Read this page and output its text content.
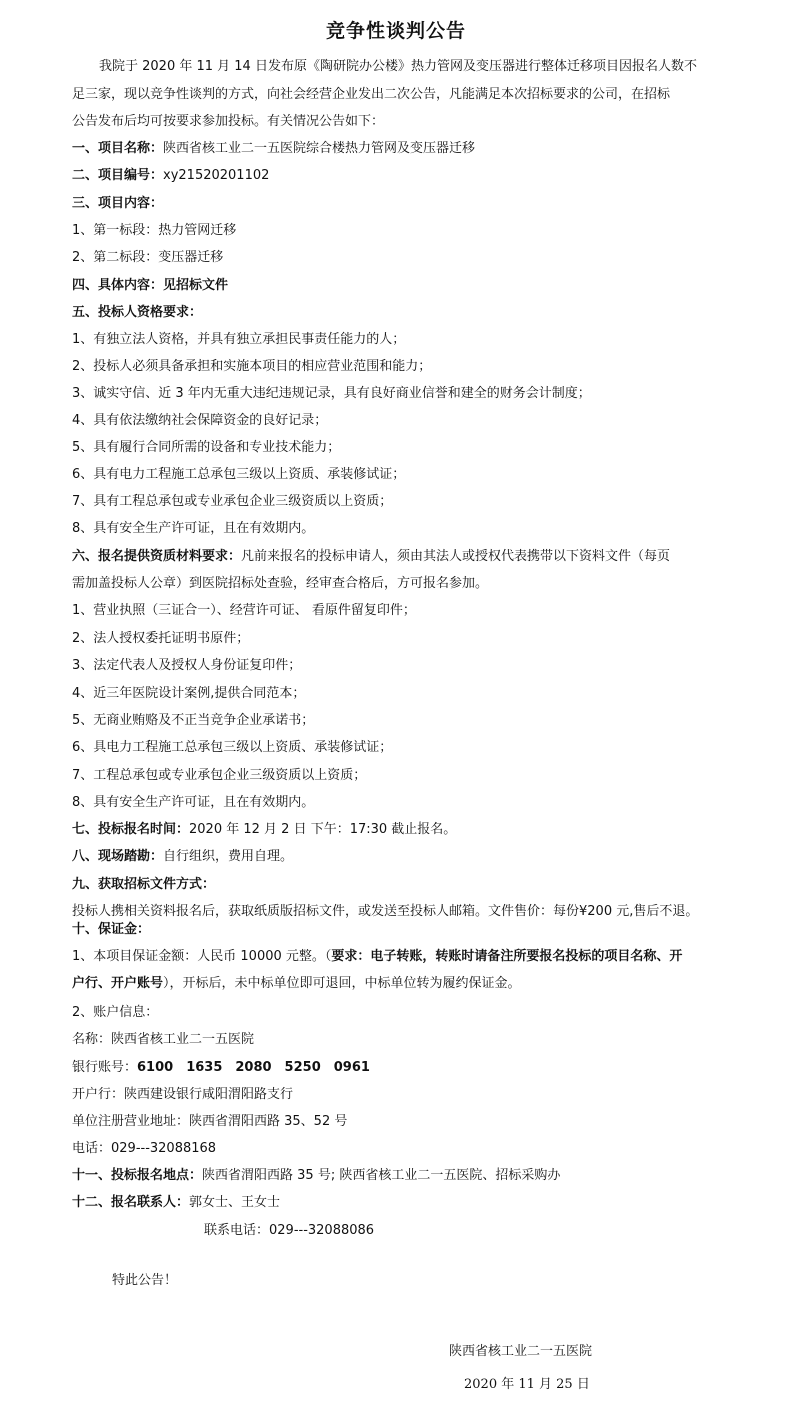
竞争性谈判公告
我院于 2020 年 11 月 14 日发布原《陶研院办公楼》热力管网及变压器进行整体迁移项目因报名人数不
足三家，现以竞争性谈判的方式，向社会经营企业发出二次公告，凡能满足本次招标要求的公司，在招标
公告发布后均可按要求参加投标。有关情况公告如下：
一、项目名称：陕西省核工业二一五医院综合楼热力管网及变压器迁移
二、项目编号：xy21520201102
三、项目内容：
1、第一标段：热力管网迁移
2、第二标段：变压器迁移
四、具体内容：见招标文件
五、投标人资格要求：
1、有独立法人资格，并具有独立承担民事责任能力的人；
2、投标人必须具备承担和实施本项目的相应营业范围和能力；
3、诚实守信、近 3 年内无重大违纪违规记录，具有良好商业信誉和建全的财务会计制度；
4、具有依法缴纳社会保障资金的良好记录；
5、具有履行合同所需的设备和专业技术能力；
6、具有电力工程施工总承包三级以上资质、承装修试证；
7、具有工程总承包或专业承包企业三级资质以上资质；
8、具有安全生产许可证，且在有效期内。
六、报名提供资质材料要求：凡前来报名的投标申请人，须由其法人或授权代表携带以下资料文件（每页
需加盖投标人公章）到医院招标处查验，经审查合格后，方可报名参加。
1、营业执照（三证合一）、经营许可证、 看原件留复印件；
2、法人授权委托证明书原件；
3、法定代表人及授权人身份证复印件；
4、近三年医院设计案例,提供合同范本；
5、无商业贿赂及不正当竞争企业承诺书；
6、具电力工程施工总承包三级以上资质、承装修试证；
7、工程总承包或专业承包企业三级资质以上资质；
8、具有安全生产许可证，且在有效期内。
七、投标报名时间：2020 年 12 月 2 日 下午：17:30 截止报名。
八、现场踏勘：自行组织，费用自理。
九、获取招标文件方式：
投标人携相关资料报名后，获取纸质版招标文件，或发送至投标人邮箱。文件售价：每份¥200 元,售后不退。
十、保证金：
1、本项目保证金额：人民币 10000 元整。（要求：电子转账，转账时请备注所要报名投标的项目名称、开
户行、开户账号），开标后，未中标单位即可退回，中标单位转为履约保证金。
2、账户信息：
名称：陕西省核工业二一五医院
银行账号：6100　1635　2080　5250　0961
开户行：陕西建设银行咸阳渭阳路支行
单位注册营业地址：陕西省渭阳西路 35、52 号
电话：029---32088168
十一、投标报名地点：陕西省渭阳西路 35 号; 陕西省核工业二一五医院、招标采购办
十二、报名联系人：郭女士、王女士
联系电话：029---32088086
特此公告！
陕西省核工业二一五医院
2020 年 11 月 25 日
